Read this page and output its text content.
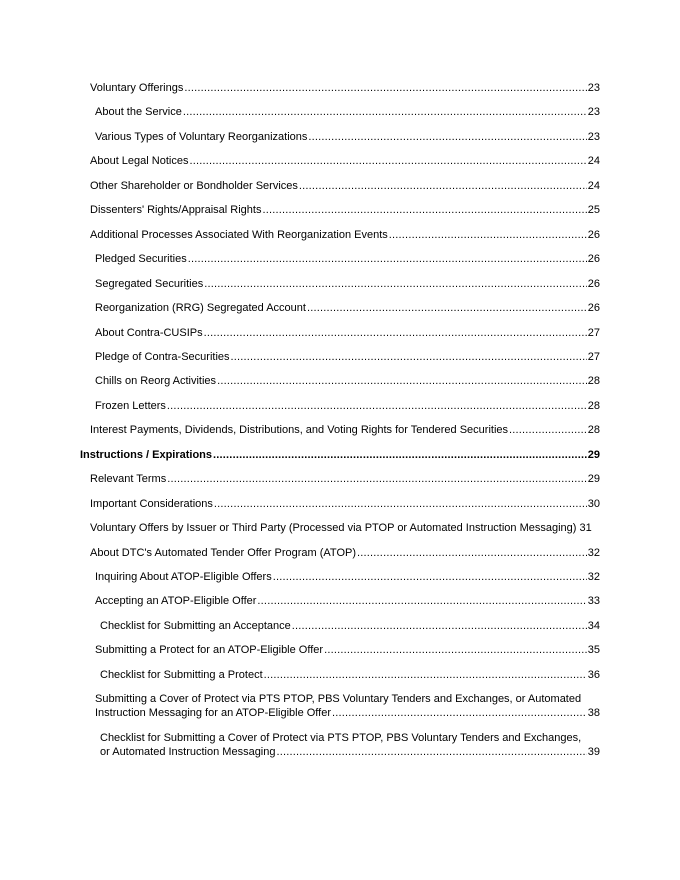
Voluntary Offerings .....	23
About the Service .....	23
Various Types of Voluntary Reorganizations .....	23
About Legal Notices .....	24
Other Shareholder or Bondholder Services .....	24
Dissenters' Rights/Appraisal Rights .....	25
Additional Processes Associated With Reorganization Events .....	26
Pledged Securities .....	26
Segregated Securities .....	26
Reorganization (RRG) Segregated Account .....	26
About Contra-CUSIPs .....	27
Pledge of Contra-Securities .....	27
Chills on Reorg Activities .....	28
Frozen Letters .....	28
Interest Payments, Dividends, Distributions, and Voting Rights for Tendered Securities .....	28
Instructions / Expirations .....	29
Relevant Terms .....	29
Important Considerations .....	30
Voluntary Offers by Issuer or Third Party (Processed via PTOP or Automated Instruction Messaging) 31
About DTC's Automated Tender Offer Program (ATOP) .....	32
Inquiring About ATOP-Eligible Offers .....	32
Accepting an ATOP-Eligible Offer .....	33
Checklist for Submitting an Acceptance .....	34
Submitting a Protect for an ATOP-Eligible Offer .....	35
Checklist for Submitting a Protect .....	36
Submitting a Cover of Protect via PTS PTOP, PBS Voluntary Tenders and Exchanges, or Automated
Instruction Messaging for an ATOP-Eligible Offer .....	38
Checklist for Submitting a Cover of Protect via PTS PTOP, PBS Voluntary Tenders and Exchanges,
or Automated Instruction Messaging .....	39
